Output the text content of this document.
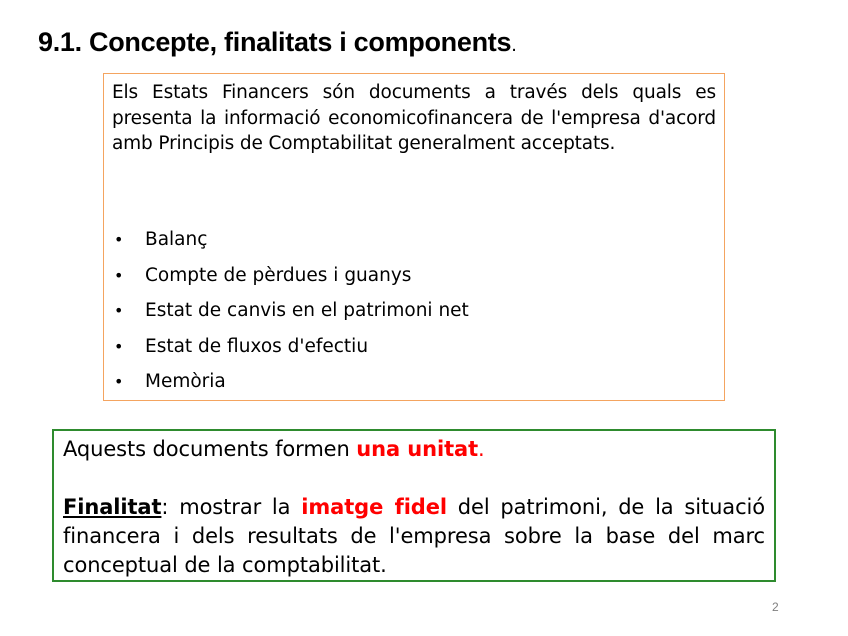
9.1. Concepte, finalitats i components.

Els Estats Financers són documents a través dels quals es presenta la informació economicofinancera de l'empresa d'acord amb Principis de Comptabilitat generalment acceptats.

• Balanç
• Compte de pèrdues i guanys
• Estat de canvis en el patrimoni net
• Estat de fluxos d'efectiu
• Memòria

Aquests documents formen una unitat.

Finalitat: mostrar la imatge fidel del patrimoni, de la situació financera i dels resultats de l'empresa sobre la base del marc conceptual de la comptabilitat.

2
